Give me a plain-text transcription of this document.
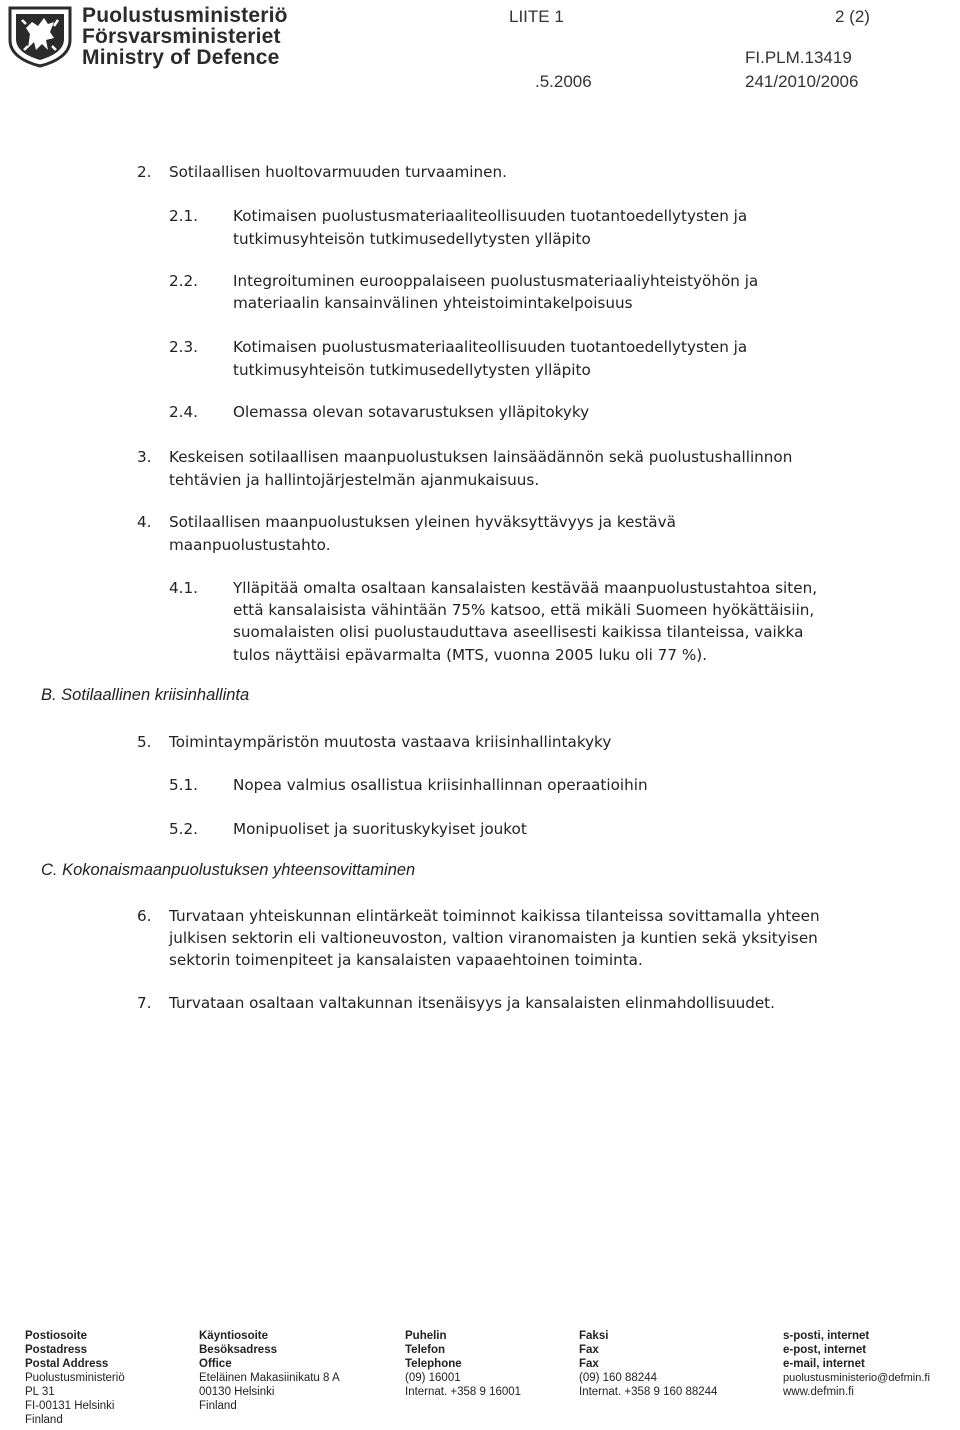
Puolustusministeriö
Försvarsministeriet
Ministry of Defence
LIITE 1	2 (2)
FI.PLM.13419
.5.2006	241/2010/2006
2. Sotilaallisen huoltovarmuuden turvaaminen.
2.1. Kotimaisen puolustusmateriaaliteollisuuden tuotantoedellytysten ja
tutkimusyhteisön tutkimusedellytysten ylläpito
2.2. Integroituminen eurooppalaiseen puolustusmateriaaliyhteistyöhön ja
materiaalin kansainvälinen yhteistoimintakelpoisuus
2.3. Kotimaisen puolustusmateriaaliteollisuuden tuotantoedellytysten ja
tutkimusyhteisön tutkimusedellytysten ylläpito
2.4. Olemassa olevan sotavarustuksen ylläpitokyky
3. Keskeisen sotilaallisen maanpuolustuksen lainsäädännön sekä puolustushallinnon
tehtävien ja hallintojärjestelmän ajanmukaisuus.
4. Sotilaallisen maanpuolustuksen yleinen hyväksyttävyys ja kestävä
maanpuolustustahto.
4.1. Ylläpitää omalta osaltaan kansalaisten kestävää maanpuolustustahtoa siten,
että kansalaisista vähintään 75% katsoo, että mikäli Suomeen hyökättäisiin,
suomalaisten olisi puolustauduttava aseellisesti kaikissa tilanteissa, vaikka
tulos näyttäisi epävarmalta (MTS, vuonna 2005 luku oli 77 %).
B. Sotilaallinen kriisinhallinta
5. Toimintaympäristön muutosta vastaava kriisinhallintakyky
5.1. Nopea valmius osallistua kriisinhallinnan operaatioihin
5.2. Monipuoliset ja suorituskykyiset joukot
C. Kokonaismaanpuolustuksen yhteensovittaminen
6. Turvataan yhteiskunnan elintärkeät toiminnot kaikissa tilanteissa sovittamalla yhteen
julkisen sektorin eli valtioneuvoston, valtion viranomaisten ja kuntien sekä yksityisen
sektorin toimenpiteet ja kansalaisten vapaaehtoinen toiminta.
7. Turvataan osaltaan valtakunnan itsenäisyys ja kansalaisten elinmahdollisuudet.
Postiosoite
Postadress
Postal Address
Puolustusministeriö
PL 31
FI-00131 Helsinki
Finland
Käyntiosoite
Besöksadress
Office
Eteläinen Makasiinikatu 8 A
00130 Helsinki
Finland
Puhelin
Telefon
Telephone
(09) 16001
Internat. +358 9 16001
Faksi
Fax
Fax
(09) 160 88244
Internat. +358 9 160 88244
s-posti, internet
e-post, internet
e-mail, internet
puolustusministerio@defmin.fi
www.defmin.fi
